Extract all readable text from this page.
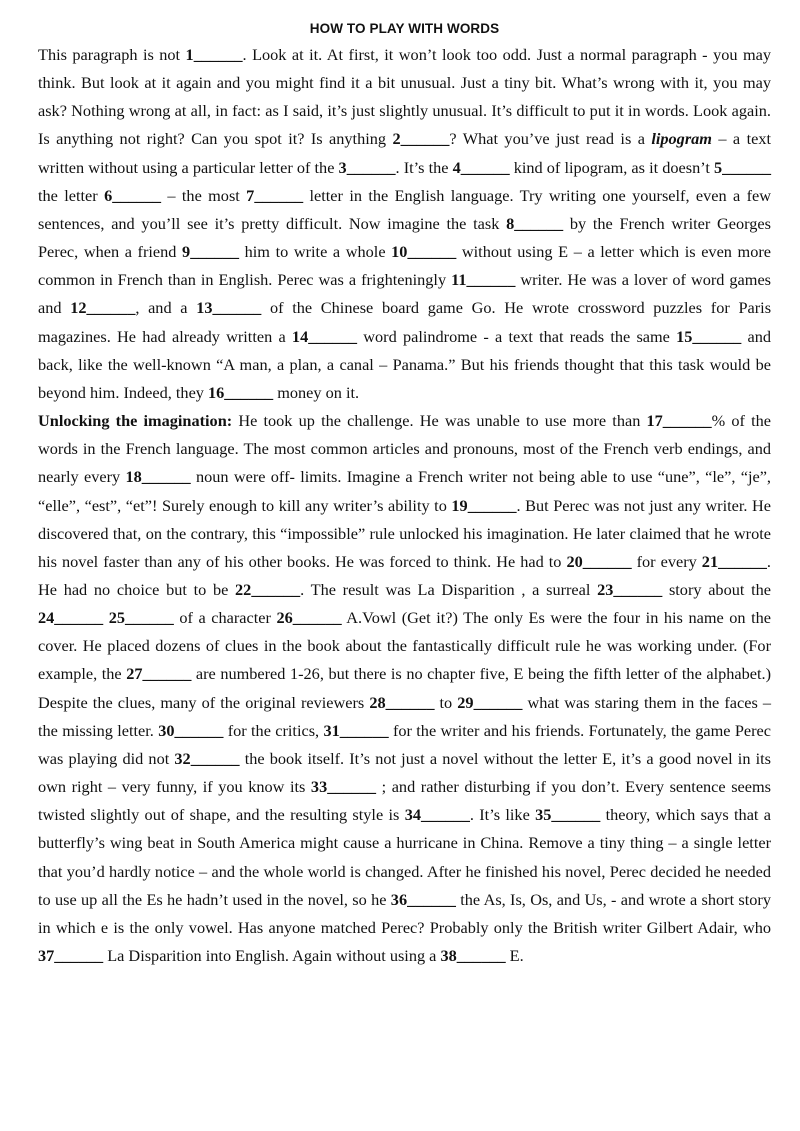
HOW TO PLAY WITH WORDS

This paragraph is not 1______. Look at it. At first, it won’t look too odd. Just a normal paragraph - you may think. But look at it again and you might find it a bit unusual. Just a tiny bit. What’s wrong with it, you may ask? Nothing wrong at all, in fact: as I said, it’s just slightly unusual. It’s difficult to put it in words. Look again. Is anything not right? Can you spot it? Is anything 2______? What you’ve just read is a lipogram – a text written without using a particular letter of the 3______. It’s the 4______ kind of lipogram, as it doesn’t 5______ the letter 6______ – the most 7______ letter in the English language. Try writing one yourself, even a few sentences, and you’ll see it’s pretty difficult. Now imagine the task 8______ by the French writer Georges Perec, when a friend 9______ him to write a whole 10______ without using E – a letter which is even more common in French than in English. Perec was a frighteningly 11______ writer. He was a lover of word games and 12______, and a 13______ of the Chinese board game Go. He wrote crossword puzzles for Paris magazines. He had already written a 14______ word palindrome - a text that reads the same 15______ and back, like the well-known “A man, a plan, a canal – Panama.” But his friends thought that this task would be beyond him. Indeed, they 16______ money on it.

Unlocking the imagination: He took up the challenge. He was unable to use more than 17______% of the words in the French language. The most common articles and pronouns, most of the French verb endings, and nearly every 18______ noun were off- limits. Imagine a French writer not being able to use “une”, “le”, “je”, “elle”, “est”, “et”! Surely enough to kill any writer’s ability to 19______. But Perec was not just any writer. He discovered that, on the contrary, this “impossible” rule unlocked his imagination. He later claimed that he wrote his novel faster than any of his other books. He was forced to think. He had to 20______ for every 21______. He had no choice but to be 22______. The result was La Disparition , a surreal 23______ story about the 24______ 25______ of a character 26______ A.Vowl (Get it?) The only Es were the four in his name on the cover. He placed dozens of clues in the book about the fantastically difficult rule he was working under. (For example, the 27______ are numbered 1-26, but there is no chapter five, E being the fifth letter of the alphabet.) Despite the clues, many of the original reviewers 28______ to 29______ what was staring them in the faces – the missing letter. 30______ for the critics, 31______ for the writer and his friends. Fortunately, the game Perec was playing did not 32______ the book itself. It’s not just a novel without the letter E, it’s a good novel in its own right – very funny, if you know its 33______ ; and rather disturbing if you don’t. Every sentence seems twisted slightly out of shape, and the resulting style is 34______. It’s like 35______ theory, which says that a butterfly’s wing beat in South America might cause a hurricane in China. Remove a tiny thing – a single letter that you’d hardly notice – and the whole world is changed. After he finished his novel, Perec decided he needed to use up all the Es he hadn’t used in the novel, so he 36______ the As, Is, Os, and Us, - and wrote a short story in which e is the only vowel. Has anyone matched Perec? Probably only the British writer Gilbert Adair, who 37______ La Disparition into English. Again without using a 38______ E.
